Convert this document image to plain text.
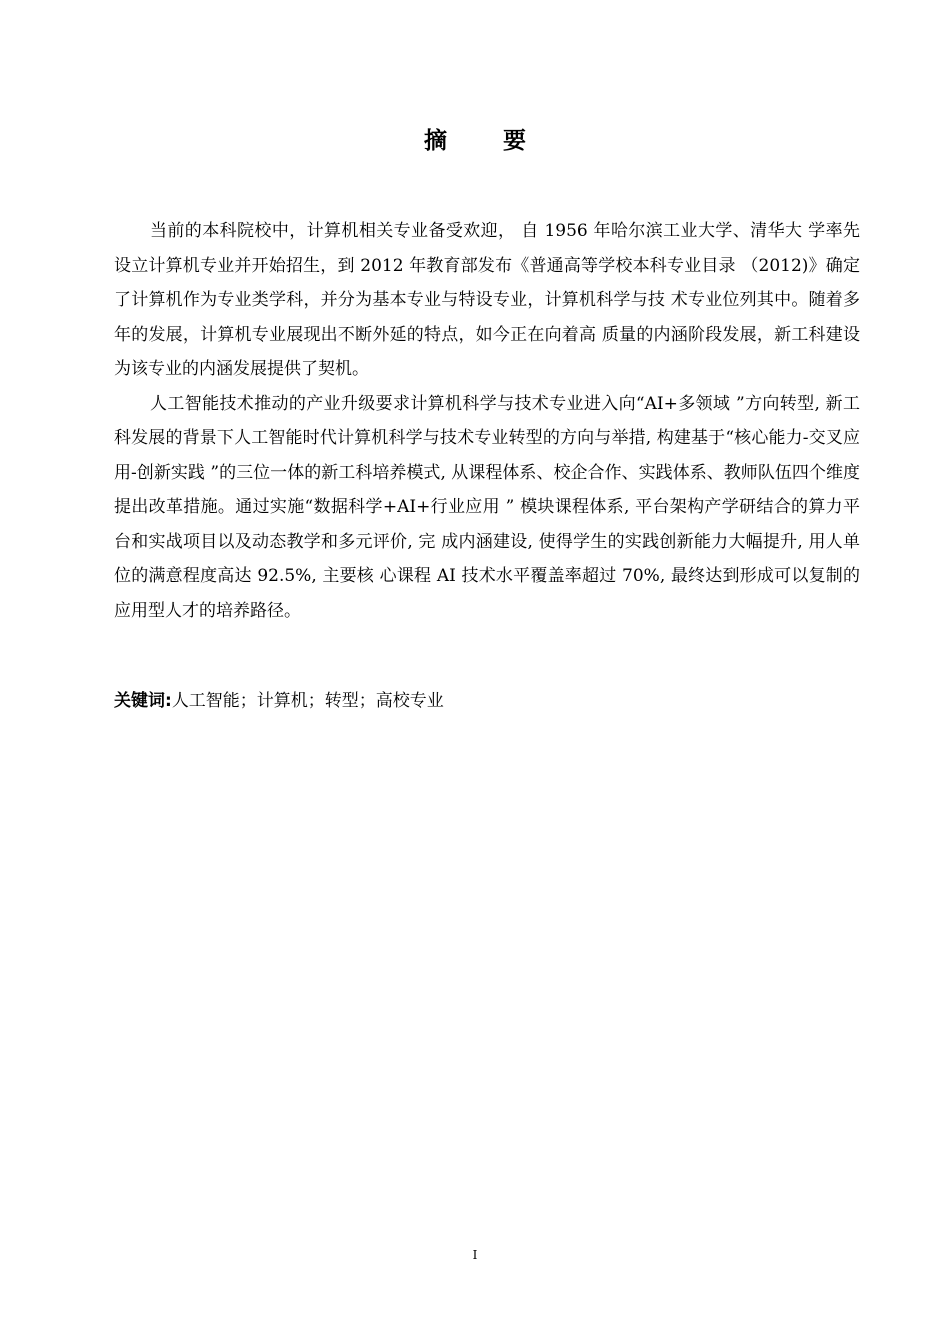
摘 要

当前的本科院校中，计算机相关专业备受欢迎， 自 1956 年哈尔滨工业大学、清华大 学率先设立计算机专业并开始招生，到 2012 年教育部发布《普通高等学校本科专业目录 （2012)》确定了计算机作为专业类学科，并分为基本专业与特设专业，计算机科学与技 术专业位列其中。随着多年的发展，计算机专业展现出不断外延的特点，如今正在向着高 质量的内涵阶段发展，新工科建设为该专业的内涵发展提供了契机。

人工智能技术推动的产业升级要求计算机科学与技术专业进入向“AI+多领域 ”方向转型, 新工科发展的背景下人工智能时代计算机科学与技术专业转型的方向与举措, 构建基于“核心能力-交叉应用-创新实践 ”的三位一体的新工科培养模式, 从课程体系、校企合作、实践体系、教师队伍四个维度提出改革措施。通过实施“数据科学+AI+行业应用 ” 模块课程体系, 平台架构产学研结合的算力平台和实战项目以及动态教学和多元评价, 完 成内涵建设, 使得学生的实践创新能力大幅提升, 用人单位的满意程度高达 92.5%, 主要核 心课程 AI 技术水平覆盖率超过 70%, 最终达到形成可以复制的应用型人才的培养路径。

关键词:人工智能；计算机；转型；高校专业
I
